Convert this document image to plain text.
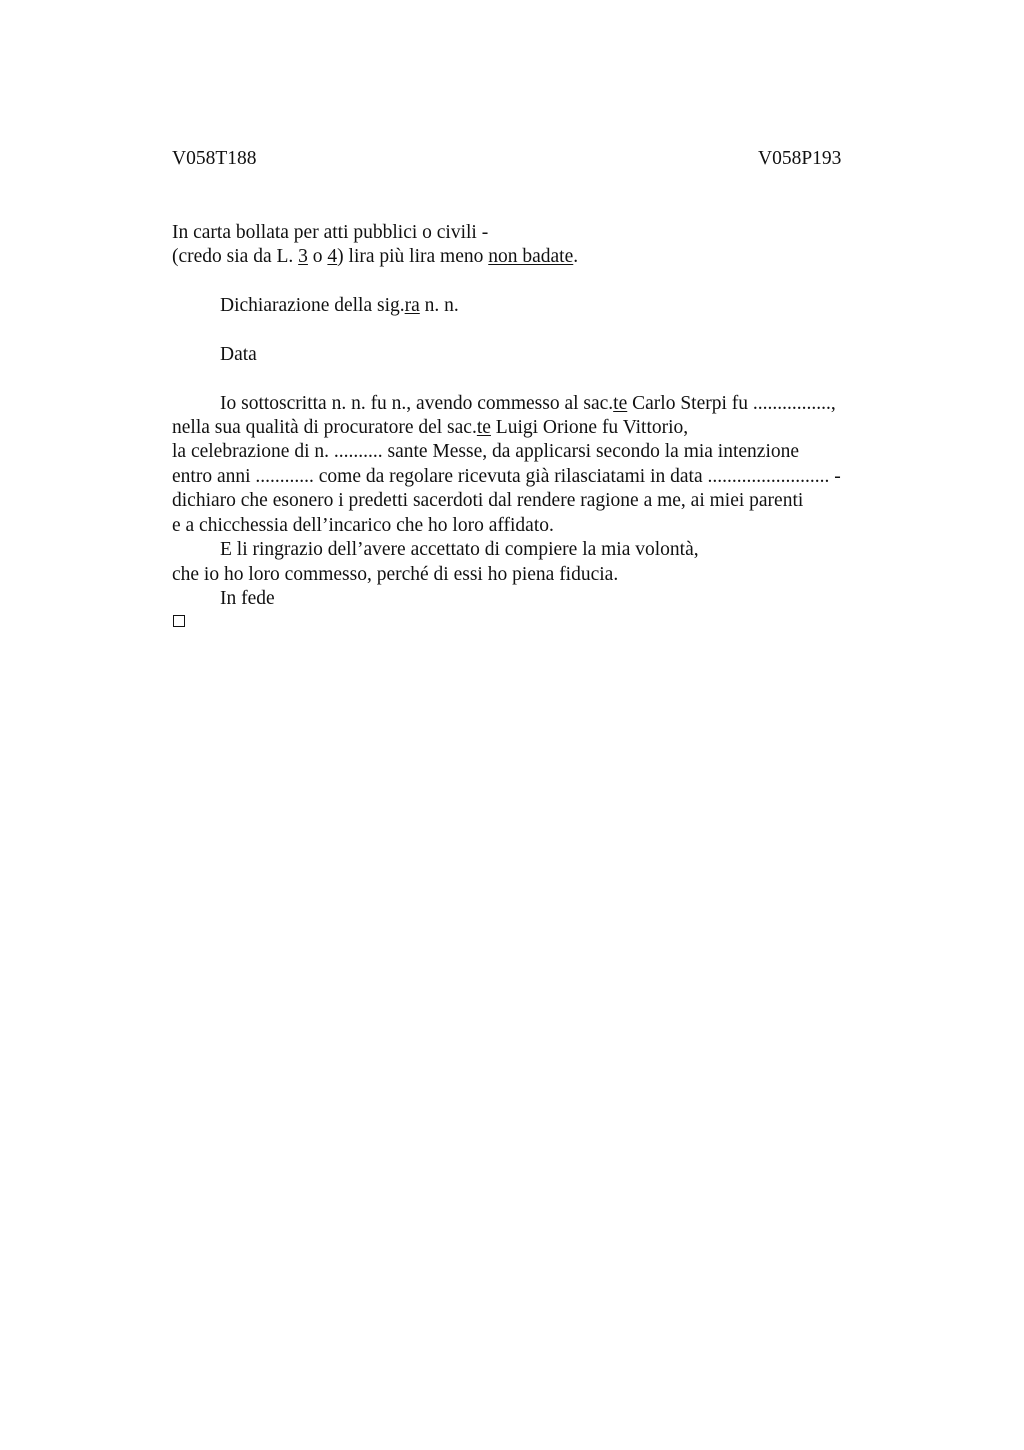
V058T188	V058P193
In carta bollata per atti pubblici o civili -
(credo sia da L. 3 o 4) lira più lira meno non badate.
Dichiarazione della sig.ra n. n.
Data
Io sottoscritta n. n. fu n., avendo commesso al sac.te Carlo Sterpi fu ................,
nella sua qualità di procuratore del sac.te Luigi Orione fu Vittorio,
la celebrazione di n. .......... sante Messe, da applicarsi secondo la mia intenzione
entro anni ............ come da regolare ricevuta già rilasciatami in data ......................... -
dichiaro che esonero i predetti sacerdoti dal rendere ragione a me, ai miei parenti
e a chicchessia dell’incarico che ho loro affidato.
E li ringrazio dell’avere accettato di compiere la mia volontà,
che io ho loro commesso, perché di essi ho piena fiducia.
In fede
